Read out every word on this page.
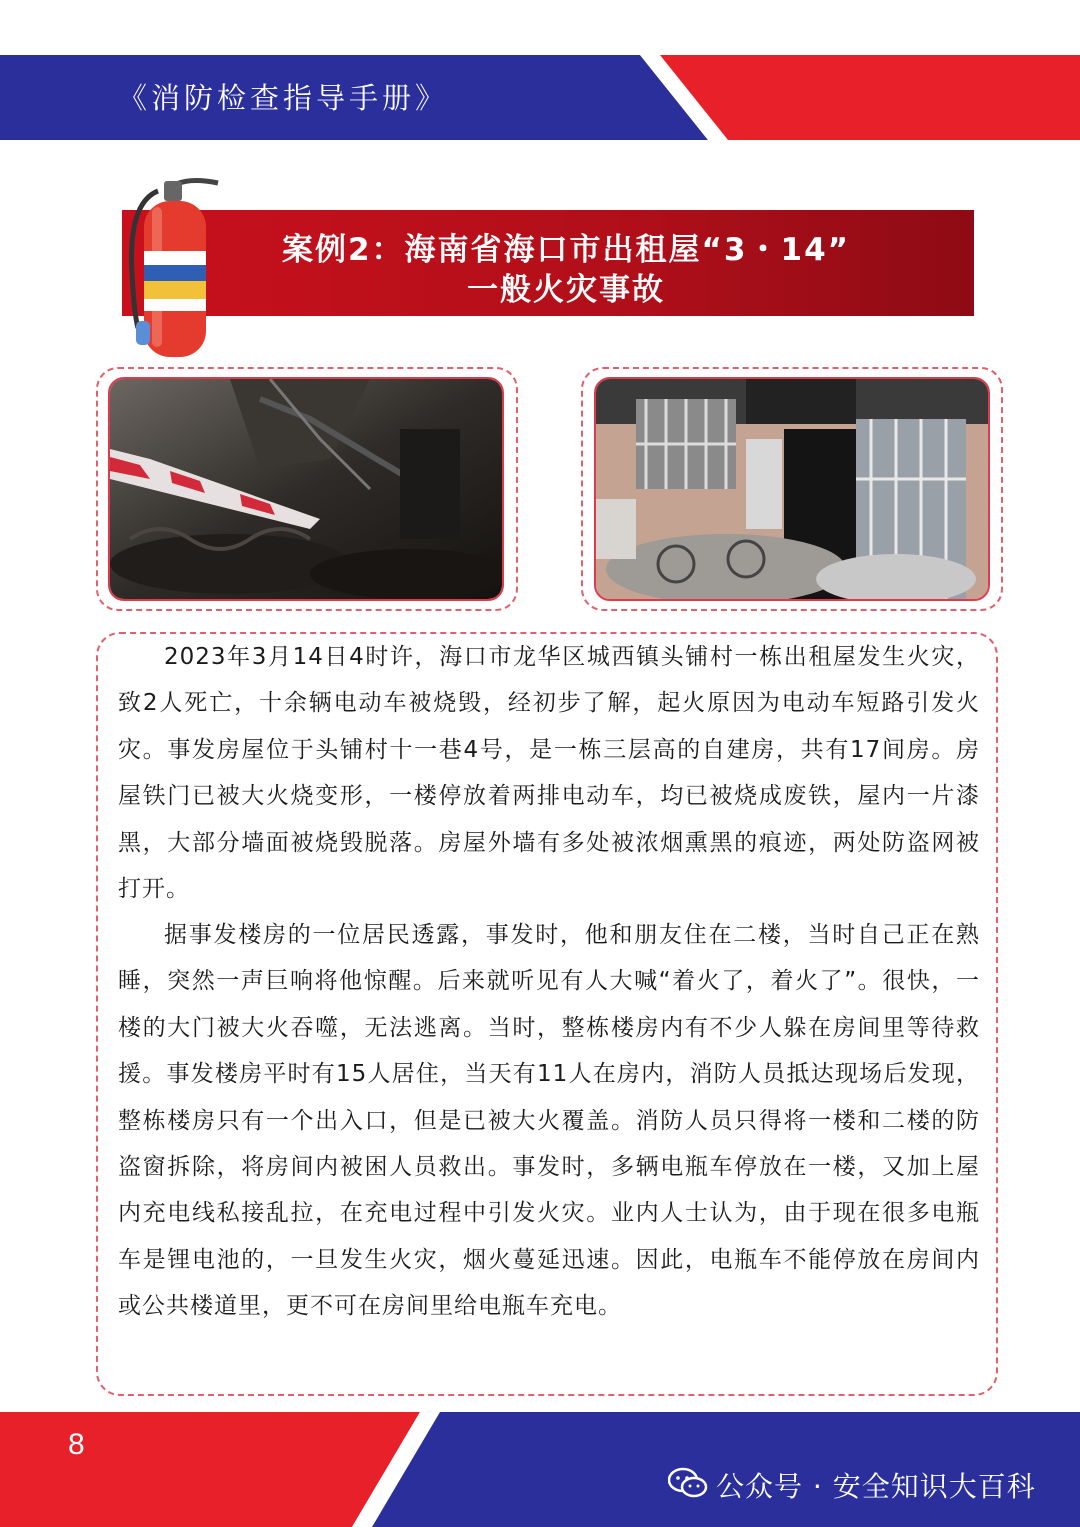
《消防检查指导手册》
案例2：海南省海口市出租屋“3・14”
一般火灾事故

2023年3月14日4时许，海口市龙华区城西镇头铺村一栋出租屋发生火灾，致2人死亡，十余辆电动车被烧毁，经初步了解，起火原因为电动车短路引发火灾。事发房屋位于头铺村十一巷4号，是一栋三层高的自建房，共有17间房。房屋铁门已被大火烧变形，一楼停放着两排电动车，均已被烧成废铁，屋内一片漆黑，大部分墙面被烧毁脱落。房屋外墙有多处被浓烟熏黑的痕迹，两处防盗网被打开。

据事发楼房的一位居民透露，事发时，他和朋友住在二楼，当时自己正在熟睡，突然一声巨响将他惊醒。后来就听见有人大喊“着火了，着火了”。很快，一楼的大门被大火吞噬，无法逃离。当时，整栋楼房内有不少人躲在房间里等待救援。事发楼房平时有15人居住，当天有11人在房内，消防人员抵达现场后发现，整栋楼房只有一个出入口，但是已被大火覆盖。消防人员只得将一楼和二楼的防盗窗拆除，将房间内被困人员救出。事发时，多辆电瓶车停放在一楼，又加上屋内充电线私接乱拉，在充电过程中引发火灾。业内人士认为，由于现在很多电瓶车是锂电池的，一旦发生火灾，烟火蔓延迅速。因此，电瓶车不能停放在房间内或公共楼道里，更不可在房间里给电瓶车充电。

8
公众号 · 安全知识大百科
